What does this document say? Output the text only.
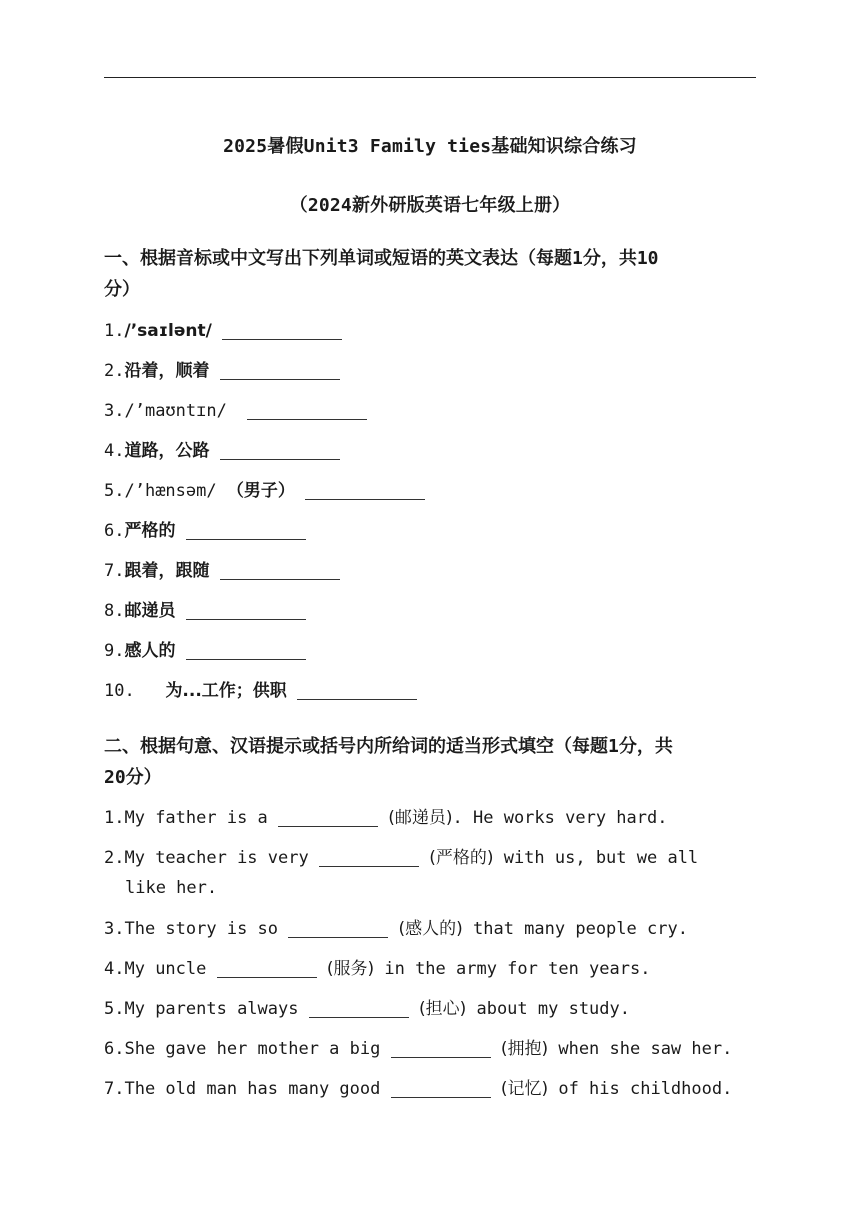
2025暑假Unit3 Family ties基础知识综合练习
（2024新外研版英语七年级上册）
一、根据音标或中文写出下列单词或短语的英文表达（每题1分，共10
分）
1./’saɪlənt/
2.沿着，顺着
3./’maʊntɪn/
4.道路，公路
5./’hænsəm/ （男子）
6.严格的
7.跟着，跟随
8.邮递员
9.感人的
10. 为...工作；供职
二、根据句意、汉语提示或括号内所给词的适当形式填空（每题1分，共
20分）
1.My father is a	(邮递员). He works very hard.
2.My teacher is very	(严格的) with us, but we all
like her.
3.The story is so	(感人的) that many people cry.
4.My uncle	(服务) in the army for ten years.
5.My parents always	(担心) about my study.
6.She gave her mother a big	(拥抱) when she saw her.
7.The old man has many good	(记忆) of his childhood.
